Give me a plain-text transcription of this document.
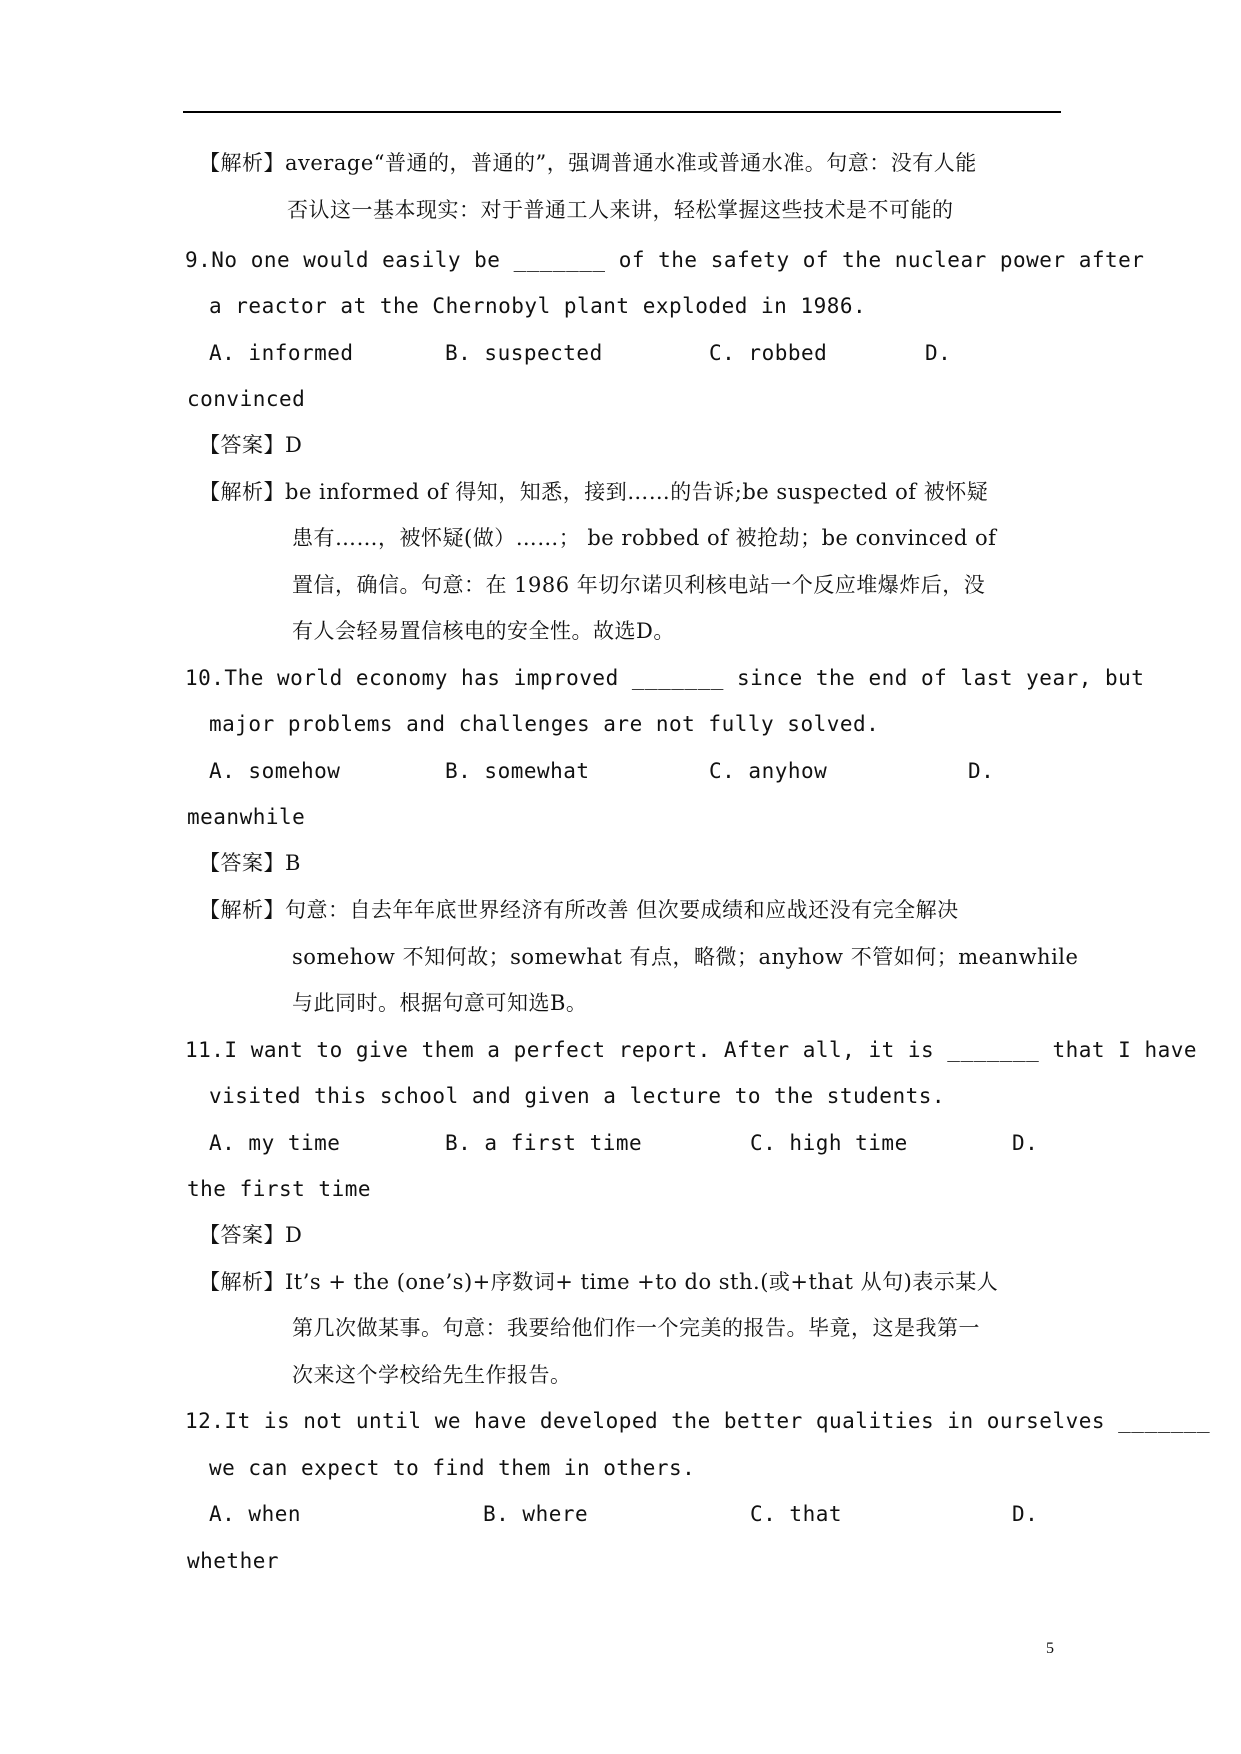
【解析】average“普通的，普通的”，强调普通水准或普通水准。句意：没有人能
否认这一基本现实：对于普通工人来讲，轻松掌握这些技术是不可能的
9.No one would easily be _______ of the safety of the nuclear power after
a reactor at the Chernobyl plant exploded in 1986.
A. informed	B. suspected	C. robbed	D.
convinced
【答案】D
【解析】be informed of 得知，知悉，接到……的告诉;be suspected of 被怀疑
患有……，被怀疑(做）……； be robbed of 被抢劫；be convinced of
置信，确信。句意：在 1986 年切尔诺贝利核电站一个反应堆爆炸后，没
有人会轻易置信核电的安全性。故选D。
10.The world economy has improved _______ since the end of last year, but
major problems and challenges are not fully solved.
A. somehow	B. somewhat	C. anyhow	D.
meanwhile
【答案】B
【解析】句意：自去年年底世界经济有所改善 但次要成绩和应战还没有完全解决
somehow 不知何故；somewhat 有点，略微；anyhow 不管如何；meanwhile
与此同时。根据句意可知选B。
11.I want to give them a perfect report. After all, it is _______ that I have
visited this school and given a lecture to the students.
A. my time	B. a first time	C. high time	D.
the first time
【答案】D
【解析】It’s + the (one’s)+序数词+ time +to do sth.(或+that 从句)表示某人
第几次做某事。句意：我要给他们作一个完美的报告。毕竟，这是我第一
次来这个学校给先生作报告。
12.It is not until we have developed the better qualities in ourselves _______
we can expect to find them in others.
A. when	B. where	C. that	D.
whether
5
